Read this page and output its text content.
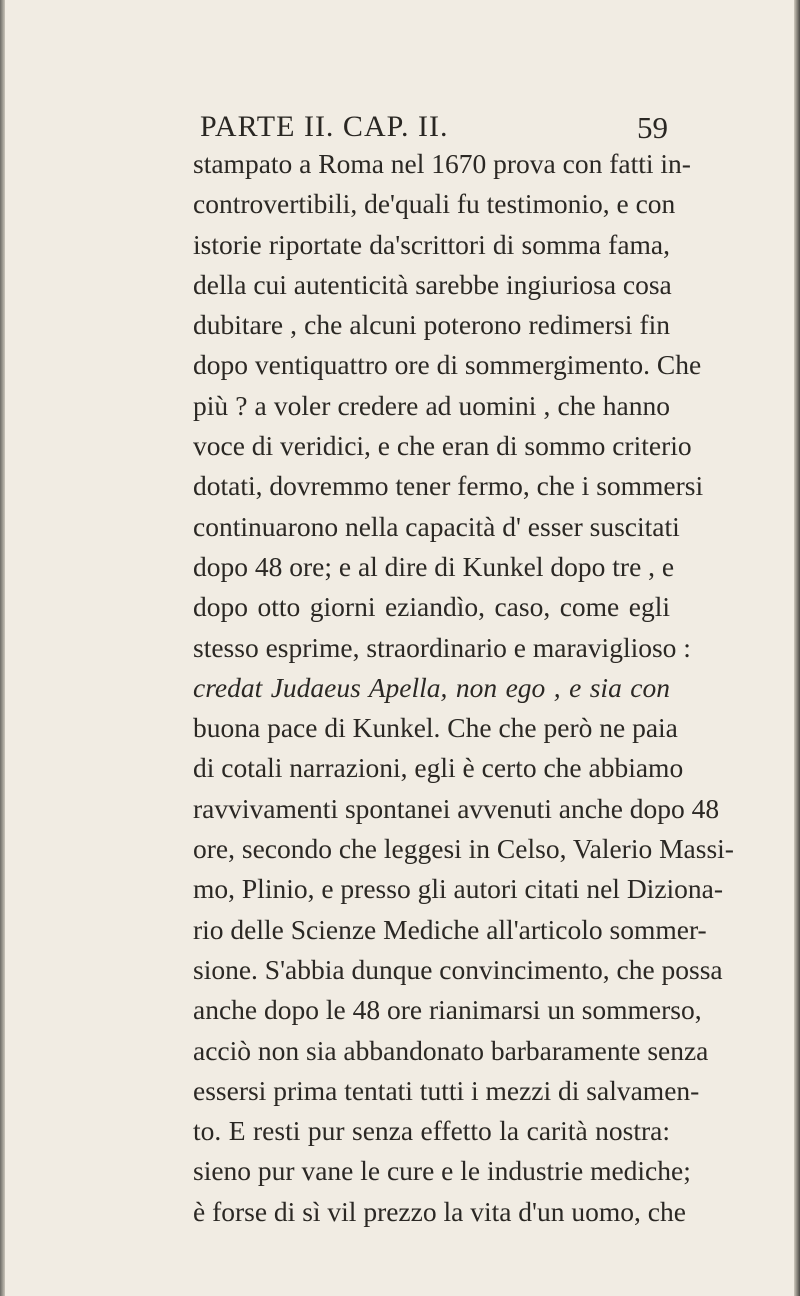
PARTE II. CAP. II.	59
stampato a Roma nel 1670 prova con fatti in-
controvertibili, de'quali fu testimonio, e con
istorie riportate da'scrittori di somma fama,
della cui autenticità sarebbe ingiuriosa cosa
dubitare , che alcuni poterono redimersi fin
dopo ventiquattro ore di sommergimento. Che
più ? a voler credere ad uomini , che hanno
voce di veridici, e che eran di sommo criterio
dotati, dovremmo tener fermo, che i sommersi
continuarono nella capacità d' esser suscitati
dopo 48 ore; e al dire di Kunkel dopo tre , e
dopo otto giorni eziandìo, caso, come egli
stesso esprime, straordinario e maraviglioso :
credat Judaeus Apella, non ego , e sia con
buona pace di Kunkel. Che che però ne paia
di cotali narrazioni, egli è certo che abbiamo
ravvivamenti spontanei avvenuti anche dopo 48
ore, secondo che leggesi in Celso, Valerio Massi-
mo, Plinio, e presso gli autori citati nel Diziona-
rio delle Scienze Mediche all'articolo sommer-
sione. S'abbia dunque convincimento, che possa
anche dopo le 48 ore rianimarsi un sommerso,
acciò non sia abbandonato barbaramente senza
essersi prima tentati tutti i mezzi di salvamen-
to. E resti pur senza effetto la carità nostra:
sieno pur vane le cure e le industrie mediche;
è forse di sì vil prezzo la vita d'un uomo, che
